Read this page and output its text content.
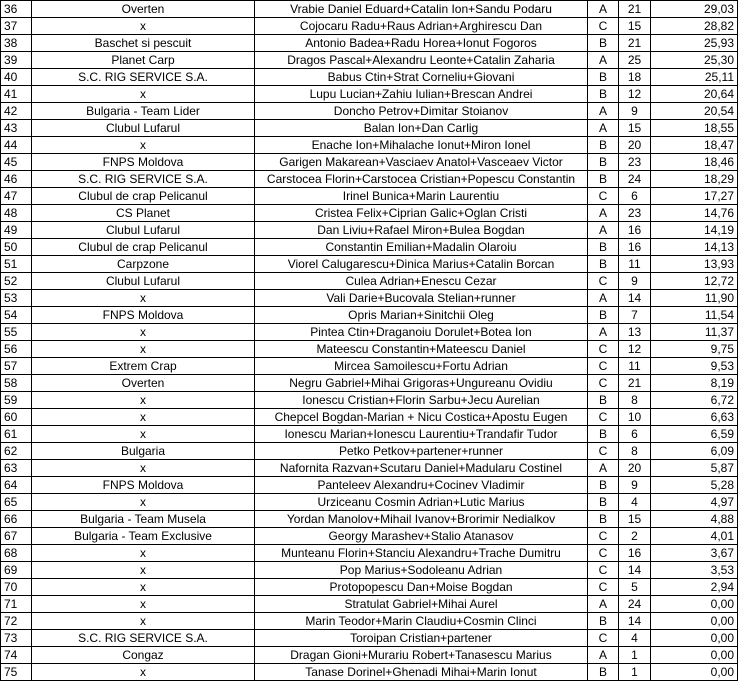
36	Overten	Vrabie Daniel Eduard+Catalin Ion+Sandu Podaru	A	21	29,03
37	x	Cojocaru Radu+Raus Adrian+Arghirescu Dan	C	15	28,82
38	Baschet si pescuit	Antonio Badea+Radu Horea+Ionut Fogoros	B	21	25,93
39	Planet Carp	Dragos Pascal+Alexandru Leonte+Catalin Zaharia	A	25	25,30
40	S.C. RIG SERVICE S.A.	Babus Ctin+Strat Corneliu+Giovani	B	18	25,11
41	x	Lupu Lucian+Zahiu Iulian+Brescan Andrei	B	12	20,64
42	Bulgaria - Team Lider	Doncho Petrov+Dimitar Stoianov	A	9	20,54
43	Clubul Lufarul	Balan Ion+Dan Carlig	A	15	18,55
44	x	Enache Ion+Mihalache Ionut+Miron Ionel	B	20	18,47
45	FNPS Moldova	Garigen Makarean+Vasciaev Anatol+Vasceaev Victor	B	23	18,46
46	S.C. RIG SERVICE S.A.	Carstocea Florin+Carstocea Cristian+Popescu Constantin	B	24	18,29
47	Clubul de crap Pelicanul	Irinel Bunica+Marin Laurentiu	C	6	17,27
48	CS Planet	Cristea Felix+Ciprian Galic+Oglan Cristi	A	23	14,76
49	Clubul Lufarul	Dan Liviu+Rafael Miron+Bulea Bogdan	A	16	14,19
50	Clubul de crap Pelicanul	Constantin Emilian+Madalin Olaroiu	B	16	14,13
51	Carpzone	Viorel Calugarescu+Dinica Marius+Catalin Borcan	B	11	13,93
52	Clubul Lufarul	Culea Adrian+Enescu Cezar	C	9	12,72
53	x	Vali Darie+Bucovala Stelian+runner	A	14	11,90
54	FNPS Moldova	Opris Marian+Sinitchii Oleg	B	7	11,54
55	x	Pintea Ctin+Draganoiu Dorulet+Botea Ion	A	13	11,37
56	x	Mateescu Constantin+Mateescu Daniel	C	12	9,75
57	Extrem Crap	Mircea Samoilescu+Fortu Adrian	C	11	9,53
58	Overten	Negru Gabriel+Mihai Grigoras+Ungureanu Ovidiu	C	21	8,19
59	x	Ionescu Cristian+Florin Sarbu+Jecu Aurelian	B	8	6,72
60	x	Chepcel Bogdan-Marian + Nicu Costica+Apostu Eugen	C	10	6,63
61	x	Ionescu Marian+Ionescu Laurentiu+Trandafir Tudor	B	6	6,59
62	Bulgaria	Petko Petkov+partener+runner	C	8	6,09
63	x	Nafornita Razvan+Scutaru Daniel+Madularu Costinel	A	20	5,87
64	FNPS Moldova	Panteleev Alexandru+Cocinev Vladimir	B	9	5,28
65	x	Urziceanu Cosmin Adrian+Lutic Marius	B	4	4,97
66	Bulgaria - Team Musela	Yordan Manolov+Mihail Ivanov+Brorimir Nedialkov	B	15	4,88
67	Bulgaria - Team Exclusive	Georgy Marashev+Stalio Atanasov	C	2	4,01
68	x	Munteanu Florin+Stanciu Alexandru+Trache Dumitru	C	16	3,67
69	x	Pop Marius+Sodoleanu Adrian	C	14	3,53
70	x	Protopopescu Dan+Moise Bogdan	C	5	2,94
71	x	Stratulat Gabriel+Mihai Aurel	A	24	0,00
72	x	Marin Teodor+Marin Claudiu+Cosmin Clinci	B	14	0,00
73	S.C. RIG SERVICE S.A.	Toroipan Cristian+partener	C	4	0,00
74	Congaz	Dragan Gioni+Murariu Robert+Tanasescu Marius	A	1	0,00
75	x	Tanase Dorinel+Ghenadi Mihai+Marin Ionut	B	1	0,00
